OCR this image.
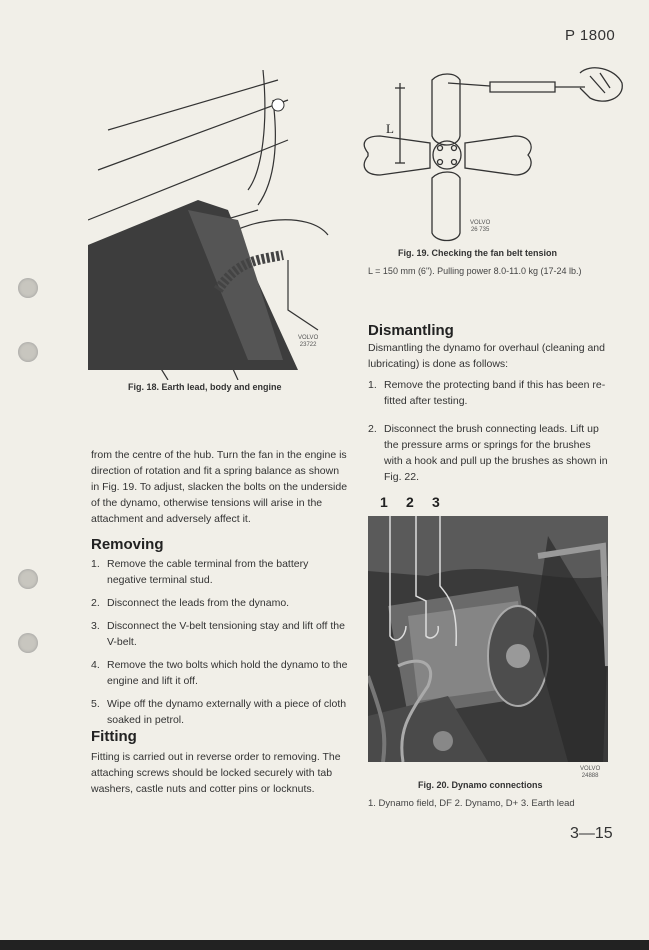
P 1800
VOLVO
23722
Fig. 18. Earth lead, body and engine
L
VOLVO
26 735
Fig. 19. Checking the fan belt tension
L = 150 mm (6"). Pulling power 8.0-11.0 kg (17-24 lb.)
from the centre of the hub. Turn the fan in the engine is direction of rotation and fit a spring balance as shown in Fig. 19. To adjust, slacken the bolts on the underside of the dynamo, otherwise tensions will arise in the attachment and adversely affect it.
Removing
1. Remove the cable terminal from the battery negative terminal stud.
2. Disconnect the leads from the dynamo.
3. Disconnect the V-belt tensioning stay and lift off the V-belt.
4. Remove the two bolts which hold the dynamo to the engine and lift it off.
5. Wipe off the dynamo externally with a piece of cloth soaked in petrol.
Fitting
Fitting is carried out in reverse order to removing. The attaching screws should be locked securely with tab washers, castle nuts and cotter pins or locknuts.
Dismantling
Dismantling the dynamo for overhaul (cleaning and lubricating) is done as follows:
1. Remove the protecting band if this has been re-fitted after testing.
2. Disconnect the brush connecting leads. Lift up the pressure arms or springs for the brushes with a hook and pull up the brushes as shown in Fig. 22.
1 2 3
VOLVO
24888
Fig. 20. Dynamo connections
1. Dynamo field, DF 2. Dynamo, D+ 3. Earth lead
3—15
